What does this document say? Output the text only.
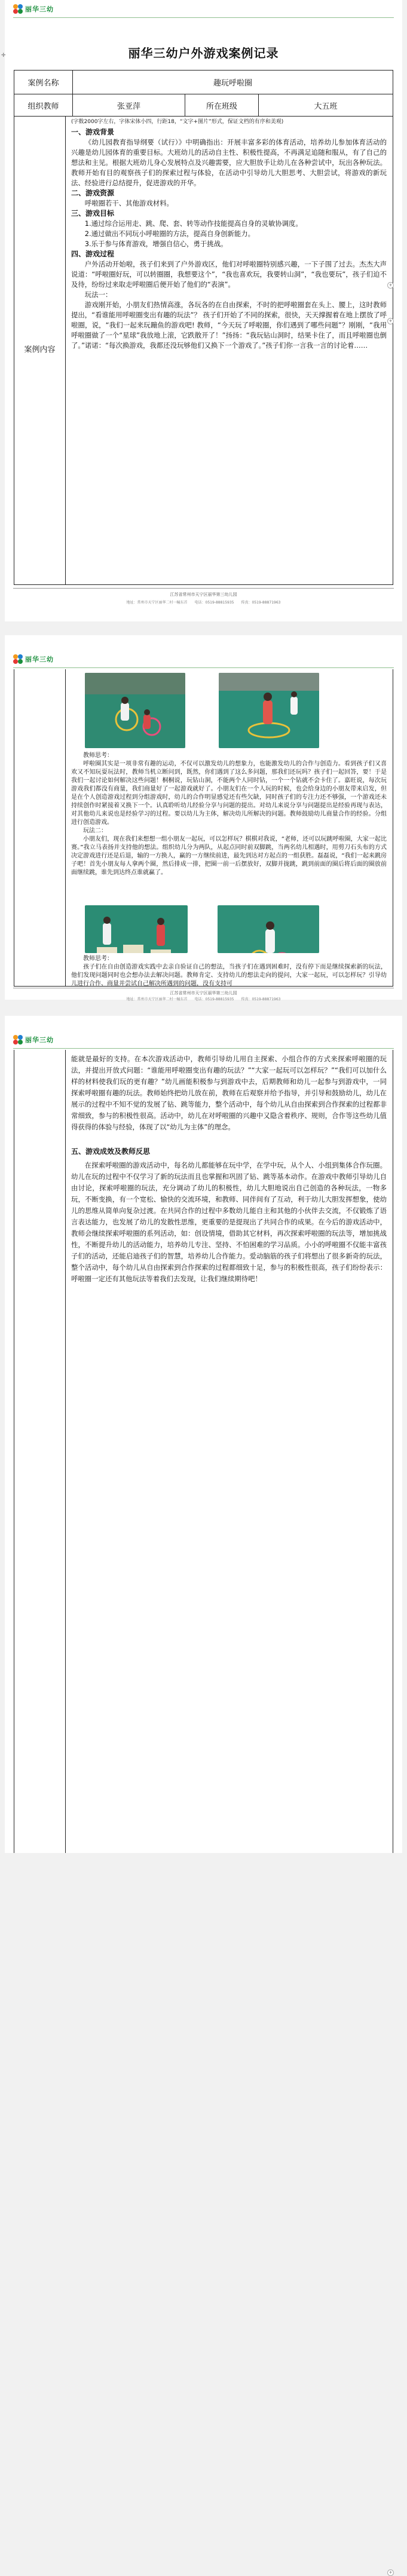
丽华三幼
✛	丽华三幼户外游戏案例记录
案例名称	趣玩呼啦圈		
组织教师	张亚萍	所在班级	大五班
案例内容

(字数2000字左右，字体宋体小四，行距18，“文字+图片”形式，保证文档的有序和美观)

一、游戏背景

《幼儿园教育指导纲要（试行）》中明确指出：开展丰富多彩的体育活动，培养幼儿参加体育活动的兴趣是幼儿园体育的重要目标。大班幼儿的活动自主性、积极性提高，不再满足追随和服从，有了自己的想法和主见。根据大班幼儿身心发展特点及兴趣需要，应大胆放手让幼儿在各种尝试中，玩出各种玩法。教师开始有目的观察孩子们的探索过程与体验，在活动中引导幼儿大胆思考、大胆尝试，将游戏的新玩法、经验进行总结提升，促进游戏的开华。

二、游戏资源

呼啦圈若干、其他游戏材料。

三、游戏目标

1.通过综合运用走、跳、爬、套、转等动作技能提高自身的灵敏协调度。

2.通过做出不同玩小呼啦圈的方法，提高自身创新能力。

3.乐于参与体育游戏，增强自信心，勇于挑战。

四、游戏过程

户外活动开始啦，孩子们来到了户外游戏区，他们对呼啦圈特别感兴趣，一下子围了过去。杰杰大声说道：“呼啦圈好玩，可以转圈圈，我想要这个”，“我也喜欢玩，我要转山洞”，“我也要玩”，孩子们迫不及待，纷纷过来取走呼啦圈后便开始了他们的“表演”。

玩法一：

游戏刚开始，小朋友们热情高涨，各玩各的在自由探索，不时的把呼啦圈套在头上、腰上，这时教师提出，“看谁能用呼啦圈变出有趣的玩法”？ 孩子们开始了不同的探索，很快，天天撑握着在地上摆放了呼啦圈，说，“我们一起来玩蹦鱼的游戏吧! 教师，“今天玩了呼啦圈，你们遇到了哪些问题”？刚刚，“我用呼啦圈做了一个“星球”我放地上滚，它跌散开了！”扬扬：“我玩钻山洞时，结果卡住了，而且呼啦圈也倒了。”诺诺：“每次换游戏，我都还没玩够他们又换下一个游戏了。”孩子们你一言我一言的讨论着……

+
+
江苏省常州市天宁区丽华第三幼儿园
地址：常州市天宁区丽华二村一幢东首　　电话：0519-88815935　　传真：0519-88871963
丽华三幼

教师思考：

呼啦圈其实是一项非常有趣的运动，不仅可以激发幼儿的想象力，也能激发幼儿的合作与创造力。看到孩子们又喜欢又不知玩耍玩法时，教师当机立断问到，既然，你们遇到了这么多问题，那我们还玩吗？孩子们一起回答，要！于是我们一起讨论如何解决这些问题！桐桐说，玩钻山洞，不能两个人同时钻，一个一个钻就不会卡住了。嘉旺说，每次玩游戏我们都没有商量，我们商量好了一起游戏就好了。小朋友们在一个人玩的时候，也会给身边的小朋友带来启发，但是在个人创造游戏过程到分组游戏时，幼儿的合作明显感觉还有些欠缺，同时孩子们的专注力还不够强，一个游戏还未持续创作时紧接着又换下一个。认真聆听幼儿经验分享与问题的提出。对幼儿来说分享与问题提出是经验再现与表达，对其他幼儿来说也是经验学习的过程。要以幼儿为主体，解决幼儿所解决的问题。教师鼓励幼儿商量合作的经验。分组进行创造游戏。

玩法二：

小朋友们，现在我们来想想一组小朋友一起玩，可以怎样玩？棋棋对我说，“老师，还可以玩跳呼啦圈，大家一起比赛。”我立马表扬并支持他的想法。组织幼儿分为两队，从起点同时前双脚跳，当两名幼儿相遇时，用剪刀石头布的方式决定游戏进行还是后退，输的一方换人，赢的一方继续前进，最先到达对方起点的一组获胜。磊磊说，“我们一起来跳房子吧！首先小朋友每人拿两个圈，然后排成一排，把圈一前一后摆放好，双脚并拢跳，跳到前面的圈后将后面的圈放前面继续跳，谁先到达终点谁就赢了。

教师思考：

孩子们在自由创造游戏实践中去亲自验证自己的想法，当孩子们在遇到困难时，没有停下而是继续探索新的玩法，他们发现问题同时也会想办法去解决问题。教师肯定、支持幼儿的想法走向的提问，大家一起玩，可以怎样玩？引导幼儿进行合作、商量并尝试自己解决所遇到的问题，没有支持可

江苏省常州市天宁区丽华第三幼儿园
地址：常州市天宁区丽华二村一幢东首　　电话：0519-88815935　　传真：0519-88871963
丽华三幼

能就是最好的支持。在本次游戏活动中，教师引导幼儿用自主探索、小组合作的方式来探索呼啦圈的玩法，并提出开放式问题：“谁能用呼啦圈变出有趣的玩法？”“大家一起玩可以怎样玩？”“我们可以加什么样的材料使我们玩的更有趣？”幼儿画能积极参与到游戏中去，后期教师和幼儿一起参与到游戏中，一同探索呼啦圈有趣的玩法。教师始终把幼儿放在前，教师在后观察并给予指导，并引导和鼓励幼儿，幼儿在展示的过程中不知不觉的发展了钻、跳等能力，整个活动中，每个幼儿从自由探索到合作探索的过程都非常细致，参与的积极性很高。活动中，幼儿在对呼啦圈的兴趣中又隐含着秩序、规则，合作等这些幼儿值得获得的体验与经验，体现了以“幼儿为主体”的理念。

五、游戏成效及教师反思

在探索呼啦圈的游戏活动中，每名幼儿都能够在玩中学，在学中玩，从个人、小组到集体合作玩圈。幼儿在玩的过程中不仅学习了新的玩法而且也掌握和巩固了钻、跳等基本动作。在游戏中教师引导幼儿自由讨论，探索呼啦圈的玩法，充分调动了幼儿的积极性，幼儿大胆地说出自己创造的各种玩法，一物多玩，不断变换，有一个宽松、愉快的交流环境，和教师、同伴间有了互动，利于幼儿大胆发挥想象，使幼儿的思维从简单向复杂过渡。在共同合作的过程中多数幼儿能自主和其他的小伙伴去交流，不仅锻炼了语言表达能力，也发展了幼儿的发散性思维，更重要的是提现出了共同合作的成果。在今后的游戏活动中，教师会继续探索呼啦圈的系列活动，如：创设情境，借助其它材料，再次探索呼啦圈的玩法等，增加挑战性，不断提升幼儿的活动能力，培养幼儿专注、坚持、不怕困难的学习品质。小小的呼啦圈不仅能丰富孩子们的活动，还能启迪孩子们的智慧，培养幼儿合作能力。爱动脑筋的孩子们将想出了很多新奇的玩法，整个活动中，每个幼儿从自由探索到合作探索的过程都细致十足，参与的积极性很高，孩子们纷纷表示：呼啦圈一定还有其他玩法等着我们去发现，让我们继续期待吧！

+
